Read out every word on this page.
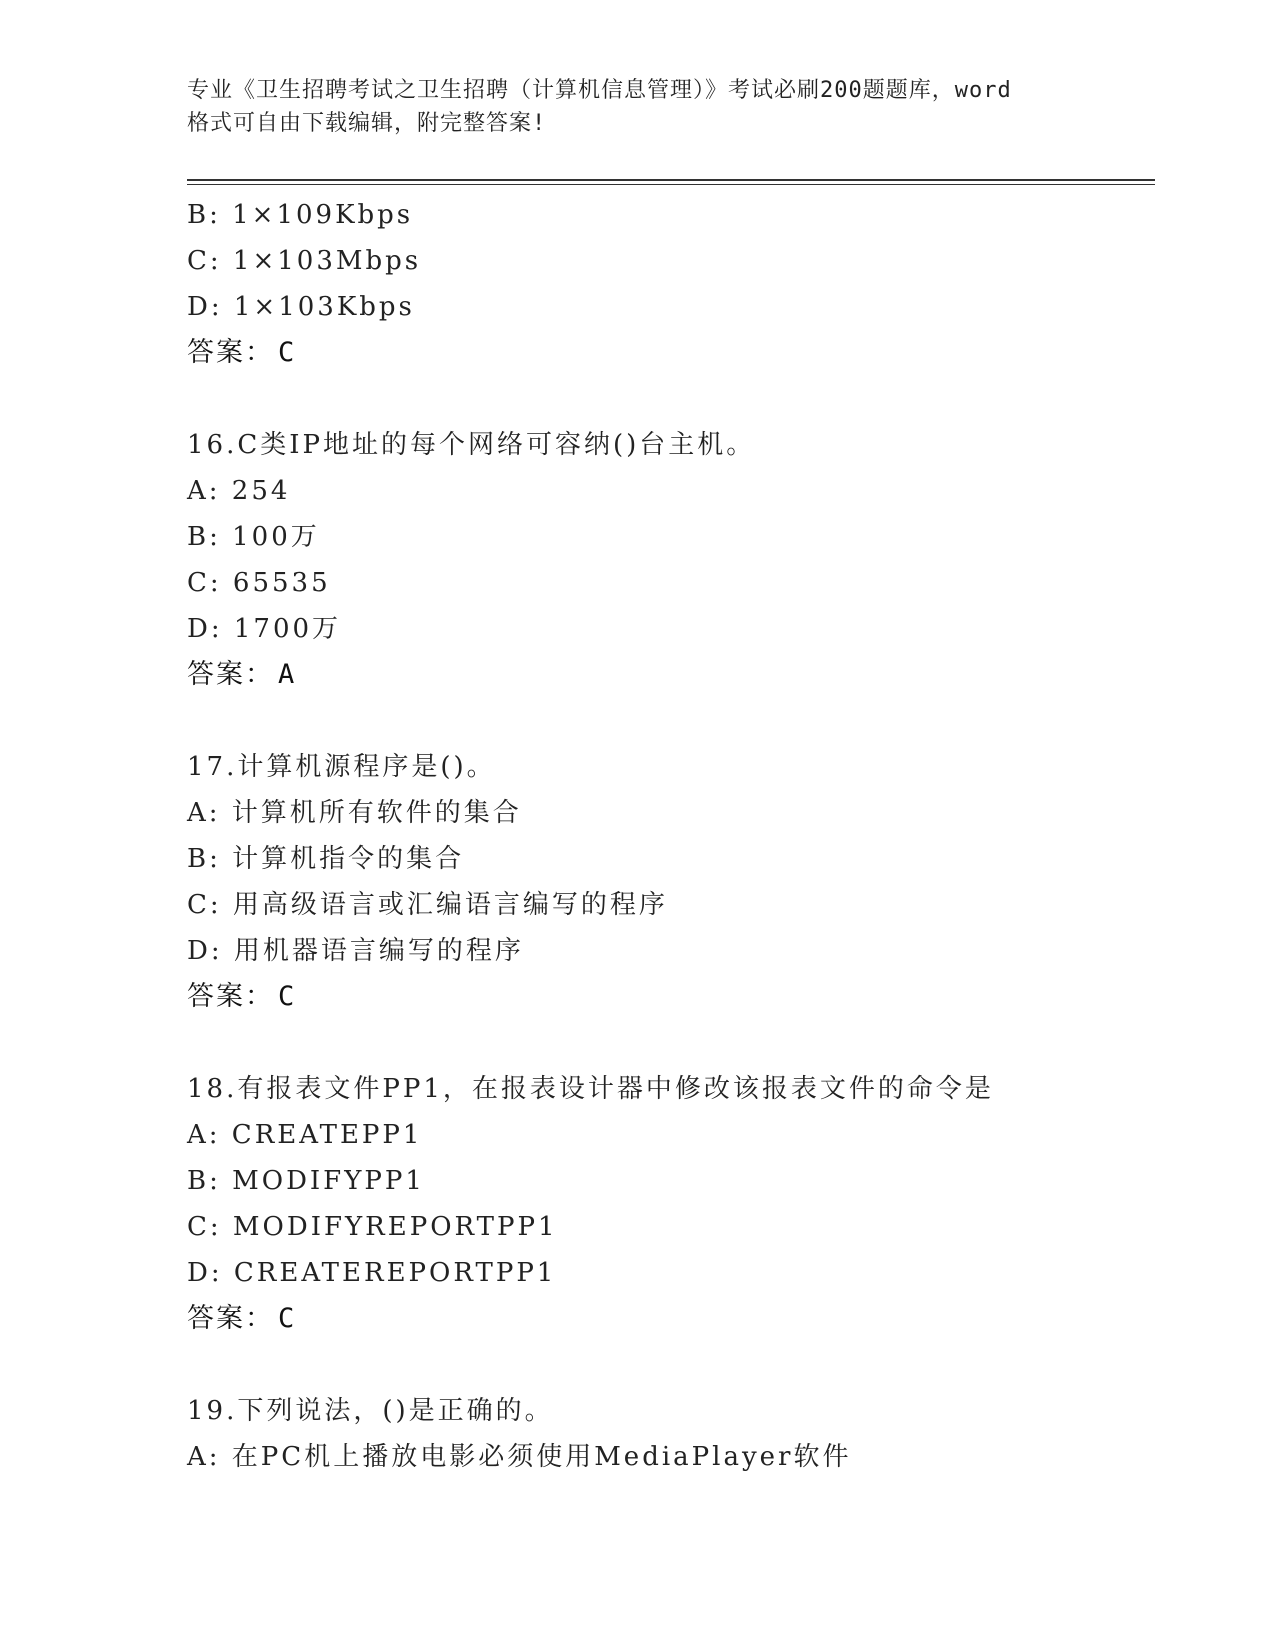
专业《卫生招聘考试之卫生招聘（计算机信息管理）》考试必刷200题题库，word
格式可自由下载编辑，附完整答案!
B: 1×109Kbps
C: 1×103Mbps
D: 1×103Kbps
答案： C
16.C类IP地址的每个网络可容纳()台主机。
A: 254
B: 100万
C: 65535
D: 1700万
答案： A
17.计算机源程序是()。
A: 计算机所有软件的集合
B: 计算机指令的集合
C: 用高级语言或汇编语言编写的程序
D: 用机器语言编写的程序
答案： C
18.有报表文件PP1，在报表设计器中修改该报表文件的命令是
A: CREATEPP1
B: MODIFYPP1
C: MODIFYREPORTPP1
D: CREATEREPORTPP1
答案： C
19.下列说法，()是正确的。
A: 在PC机上播放电影必须使用MediaPlayer软件
